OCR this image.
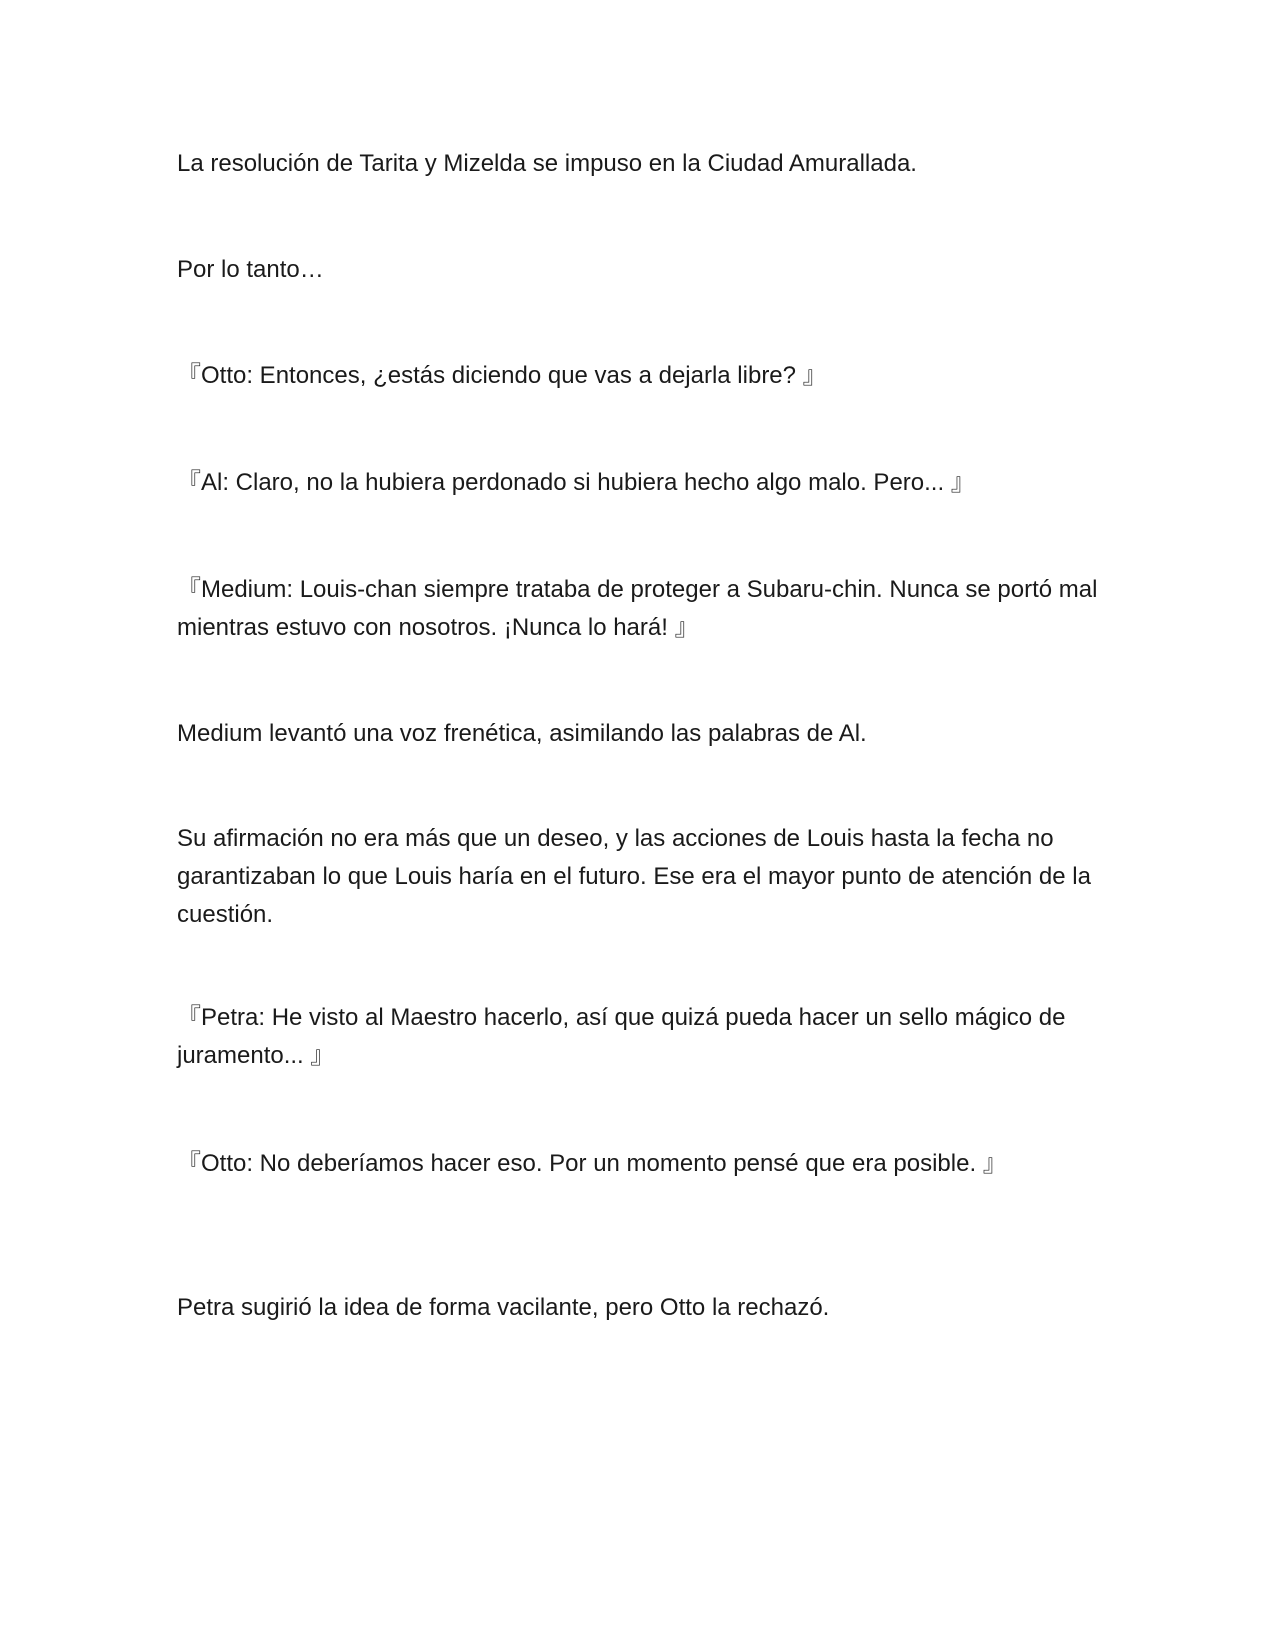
La resolución de Tarita y Mizelda se impuso en la Ciudad Amurallada.

Por lo tanto…

『Otto: Entonces, ¿estás diciendo que vas a dejarla libre? 』

『Al: Claro, no la hubiera perdonado si hubiera hecho algo malo. Pero... 』

『Medium: Louis-chan siempre trataba de proteger a Subaru-chin. Nunca se portó mal mientras estuvo con nosotros. ¡Nunca lo hará! 』

Medium levantó una voz frenética, asimilando las palabras de Al.

Su afirmación no era más que un deseo, y las acciones de Louis hasta la fecha no garantizaban lo que Louis haría en el futuro. Ese era el mayor punto de atención de la cuestión.

『Petra: He visto al Maestro hacerlo, así que quizá pueda hacer un sello mágico de juramento... 』

『Otto: No deberíamos hacer eso. Por un momento pensé que era posible. 』

Petra sugirió la idea de forma vacilante, pero Otto la rechazó.
